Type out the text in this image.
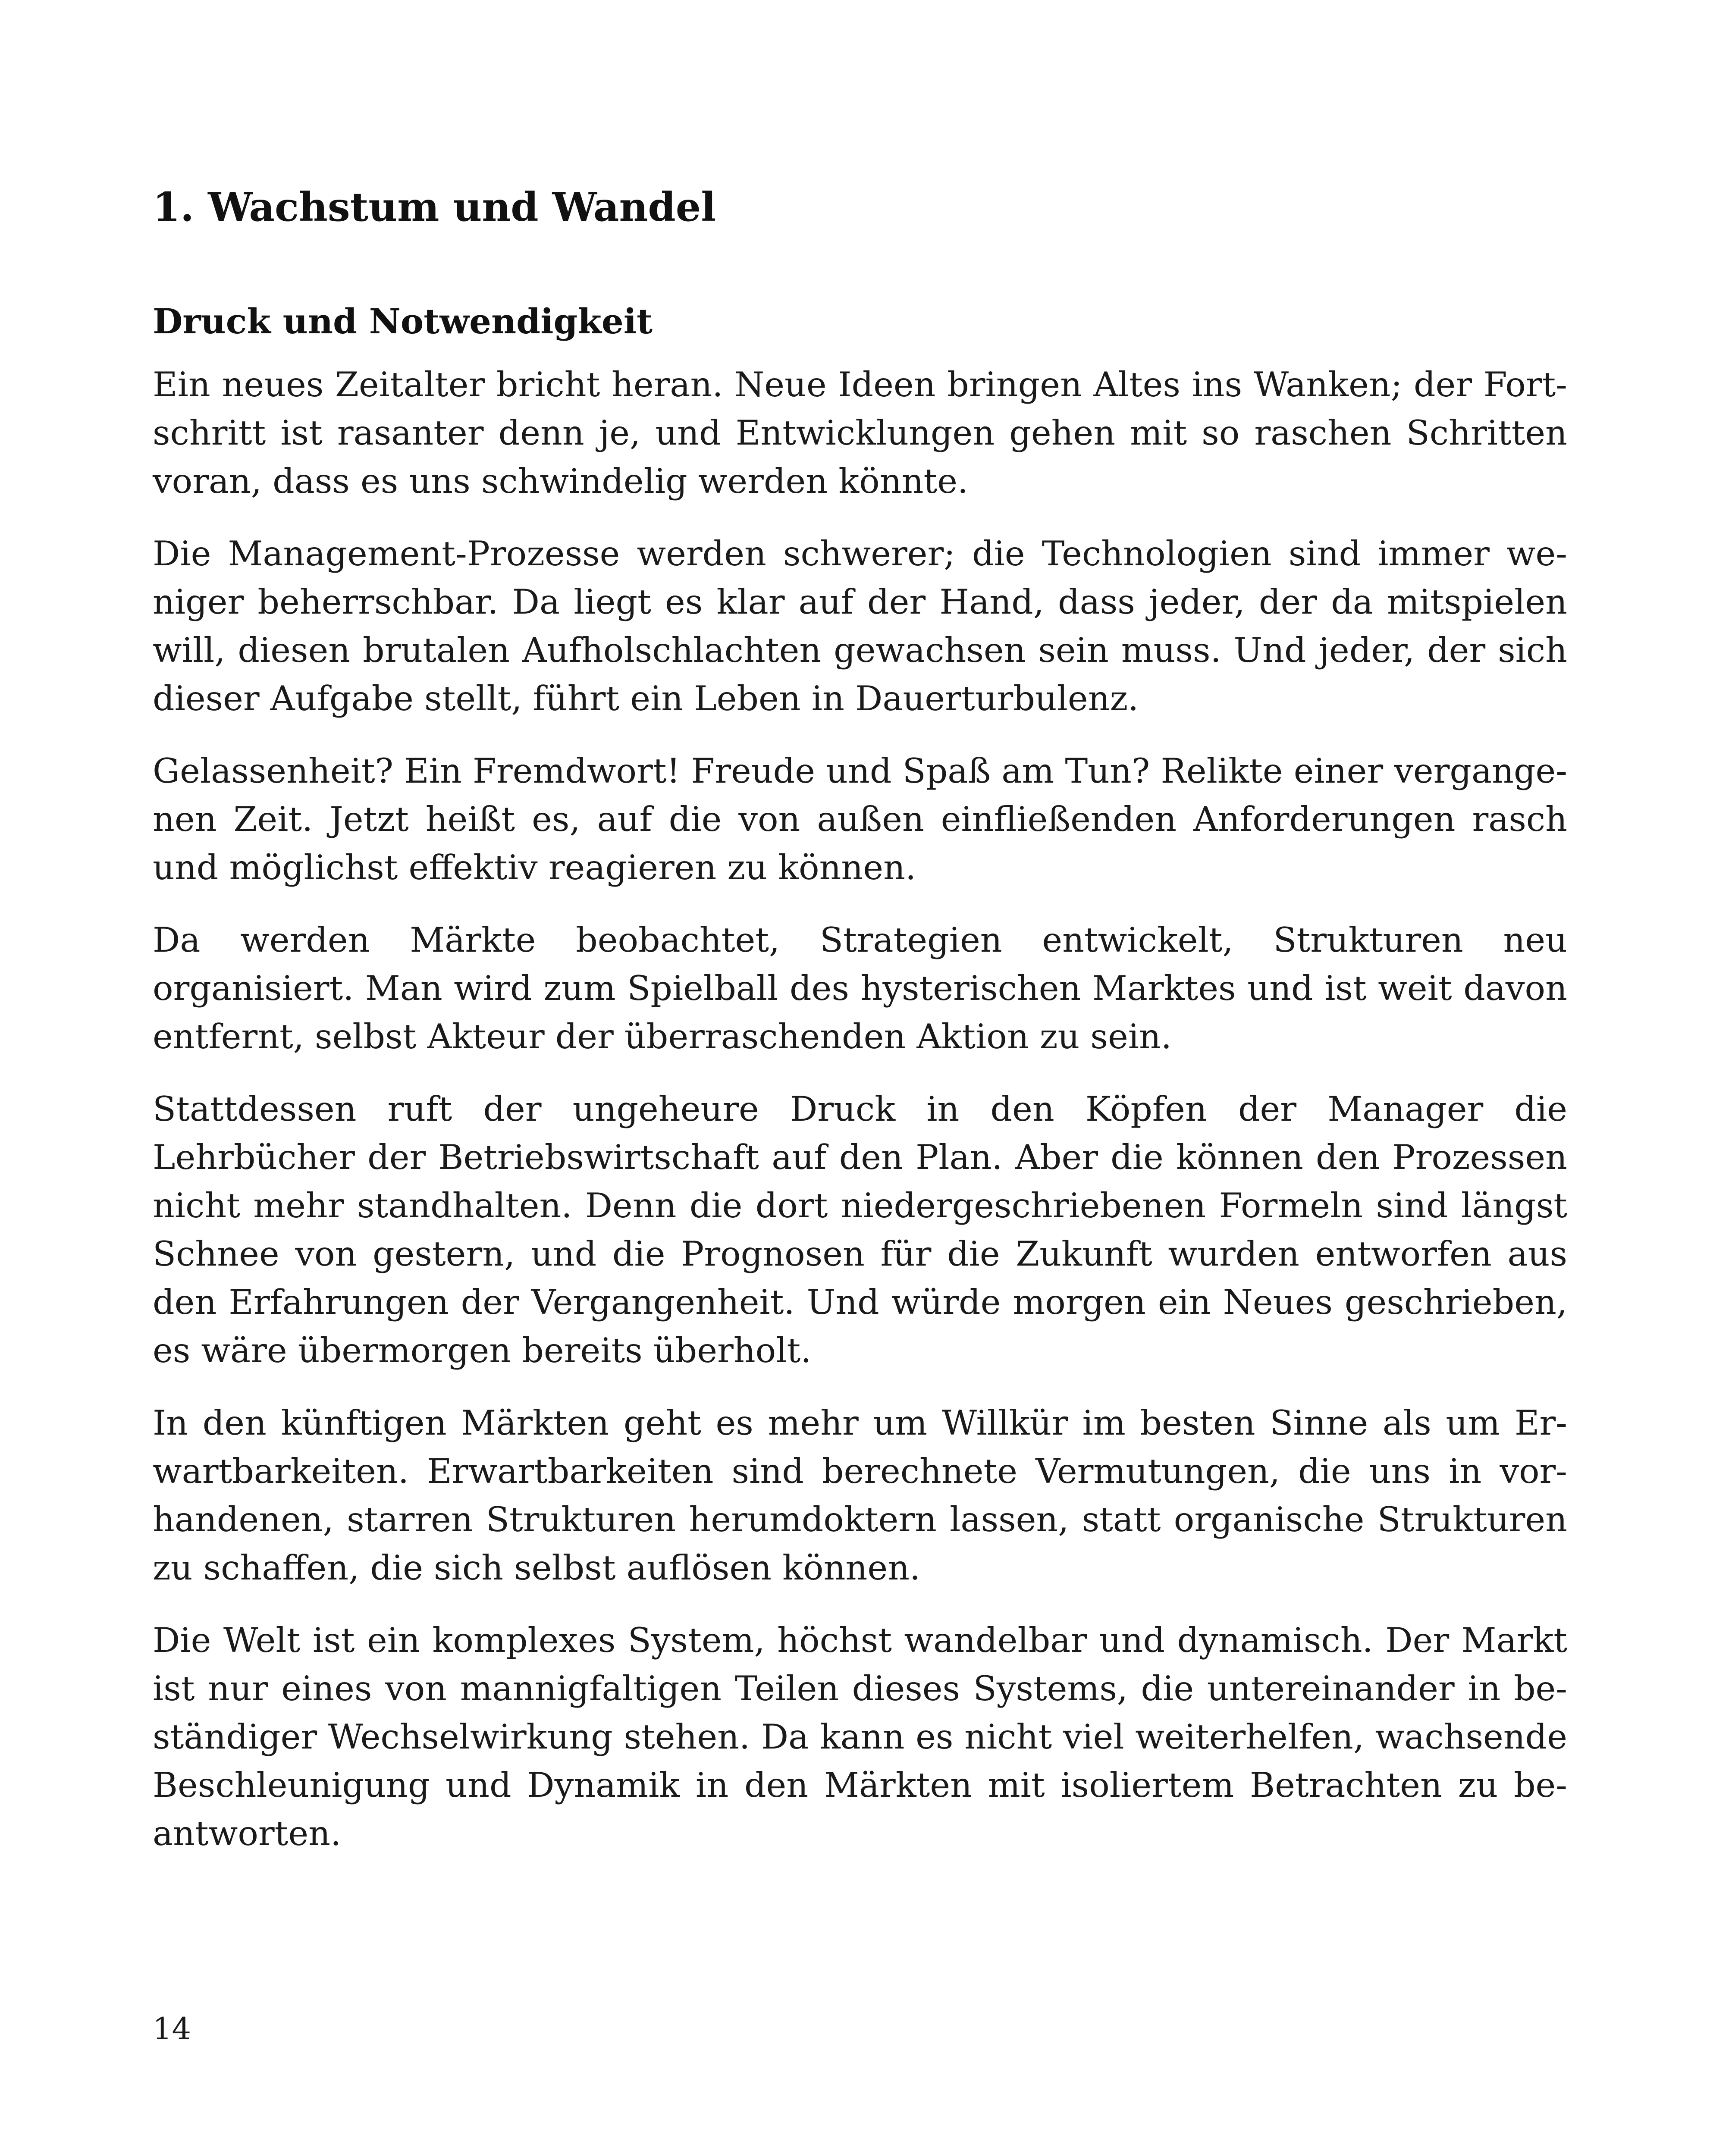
1. Wachstum und Wandel
Druck und Notwendigkeit

Ein neues Zeitalter bricht heran. Neue Ideen bringen Altes ins Wanken; der Fortschritt ist rasanter denn je, und Entwicklungen gehen mit so raschen Schritten voran, dass es uns schwindelig werden könnte.

Die Management-Prozesse werden schwerer; die Technologien sind immer weniger beherrschbar. Da liegt es klar auf der Hand, dass jeder, der da mitspielen will, diesen brutalen Aufholschlachten gewachsen sein muss. Und jeder, der sich dieser Aufgabe stellt, führt ein Leben in Dauerturbulenz.

Gelassenheit? Ein Fremdwort! Freude und Spaß am Tun? Relikte einer vergangenen Zeit. Jetzt heißt es, auf die von außen einfließenden Anforderungen rasch und möglichst effektiv reagieren zu können.

Da werden Märkte beobachtet, Strategien entwickelt, Strukturen neu organisiert. Man wird zum Spielball des hysterischen Marktes und ist weit davon entfernt, selbst Akteur der überraschenden Aktion zu sein.

Stattdessen ruft der ungeheure Druck in den Köpfen der Manager die Lehrbücher der Betriebswirtschaft auf den Plan. Aber die können den Prozessen nicht mehr standhalten. Denn die dort niedergeschriebenen Formeln sind längst Schnee von gestern, und die Prognosen für die Zukunft wurden entworfen aus den Erfahrungen der Vergangenheit. Und würde morgen ein Neues geschrieben, es wäre übermorgen bereits überholt.

In den künftigen Märkten geht es mehr um Willkür im besten Sinne als um Erwartbarkeiten. Erwartbarkeiten sind berechnete Vermutungen, die uns in vorhandenen, starren Strukturen herumdoktern lassen, statt organische Strukturen zu schaffen, die sich selbst auflösen können.

Die Welt ist ein komplexes System, höchst wandelbar und dynamisch. Der Markt ist nur eines von mannigfaltigen Teilen dieses Systems, die untereinander in beständiger Wechselwirkung stehen. Da kann es nicht viel weiterhelfen, wachsende Beschleunigung und Dynamik in den Märkten mit isoliertem Betrachten zu beantworten.

14
